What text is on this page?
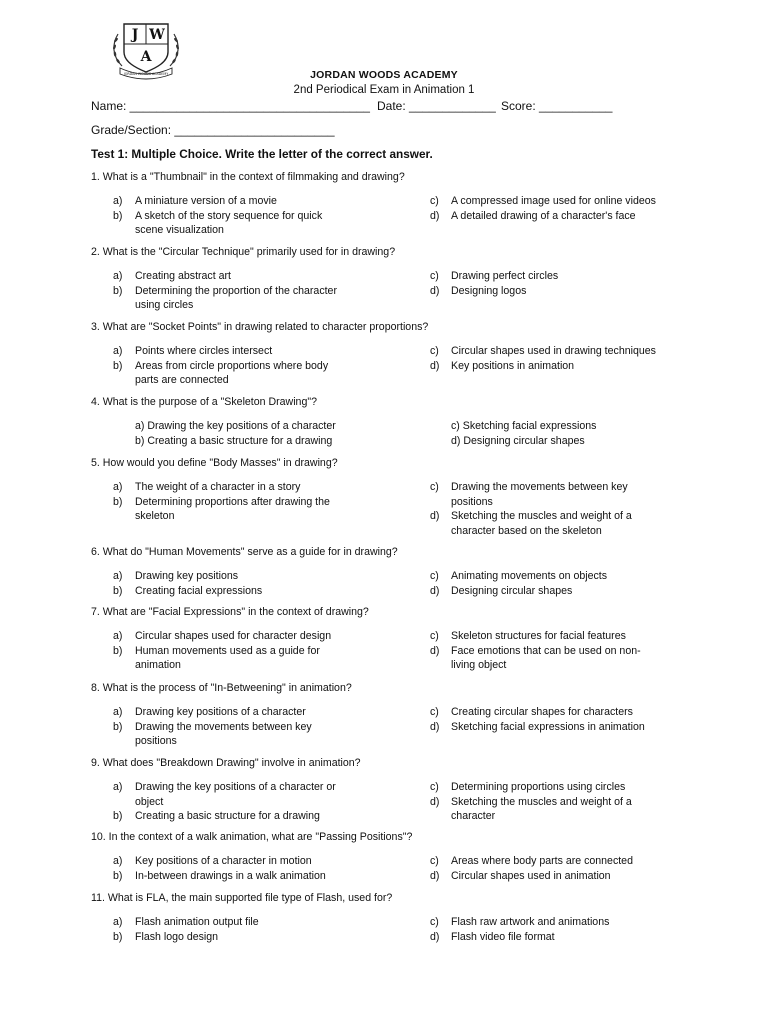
J W
A
JORDAN WOODS ACADEMY	JORDAN WOODS ACADEMY
2nd Periodical Exam in Animation 1
Name: ____________________________________ Date: _____________ Score: ___________
Grade/Section: ________________________
Test 1: Multiple Choice. Write the letter of the correct answer.
1. What is a "Thumbnail" in the context of filmmaking and drawing?
a)	A miniature version of a movie
b)	A sketch of the story sequence for quick
scene visualization
c)	A compressed image used for online videos
d)	A detailed drawing of a character's face
2. What is the "Circular Technique" primarily used for in drawing?
a)	Creating abstract art
b)	Determining the proportion of the character
using circles
c)	Drawing perfect circles
d)	Designing logos
3. What are "Socket Points" in drawing related to character proportions?
a)	Points where circles intersect
b)	Areas from circle proportions where body
parts are connected
c)	Circular shapes used in drawing techniques
d)	Key positions in animation
4. What is the purpose of a "Skeleton Drawing"?
a) Drawing the key positions of a character
b) Creating a basic structure for a drawing
c) Sketching facial expressions
d) Designing circular shapes
5. How would you define "Body Masses" in drawing?
a)	The weight of a character in a story
b)	Determining proportions after drawing the
skeleton
c)	Drawing the movements between key
positions
d)	Sketching the muscles and weight of a
character based on the skeleton
6. What do "Human Movements" serve as a guide for in drawing?
a)	Drawing key positions
b)	Creating facial expressions
c)	Animating movements on objects
d)	Designing circular shapes
7. What are "Facial Expressions" in the context of drawing?
a)	Circular shapes used for character design
b)	Human movements used as a guide for
animation
c)	Skeleton structures for facial features
d)	Face emotions that can be used on non-
living object
8. What is the process of "In-Betweening" in animation?
a)	Drawing key positions of a character
b)	Drawing the movements between key
positions
c)	Creating circular shapes for characters
d)	Sketching facial expressions in animation
9. What does "Breakdown Drawing" involve in animation?
a)	Drawing the key positions of a character or
object
b)	Creating a basic structure for a drawing
c)	Determining proportions using circles
d)	Sketching the muscles and weight of a
character
10. In the context of a walk animation, what are "Passing Positions"?
a)	Key positions of a character in motion
b)	In-between drawings in a walk animation
c)	Areas where body parts are connected
d)	Circular shapes used in animation
11. What is FLA, the main supported file type of Flash, used for?
a)	Flash animation output file
b)	Flash logo design
c)	Flash raw artwork and animations
d)	Flash video file format
